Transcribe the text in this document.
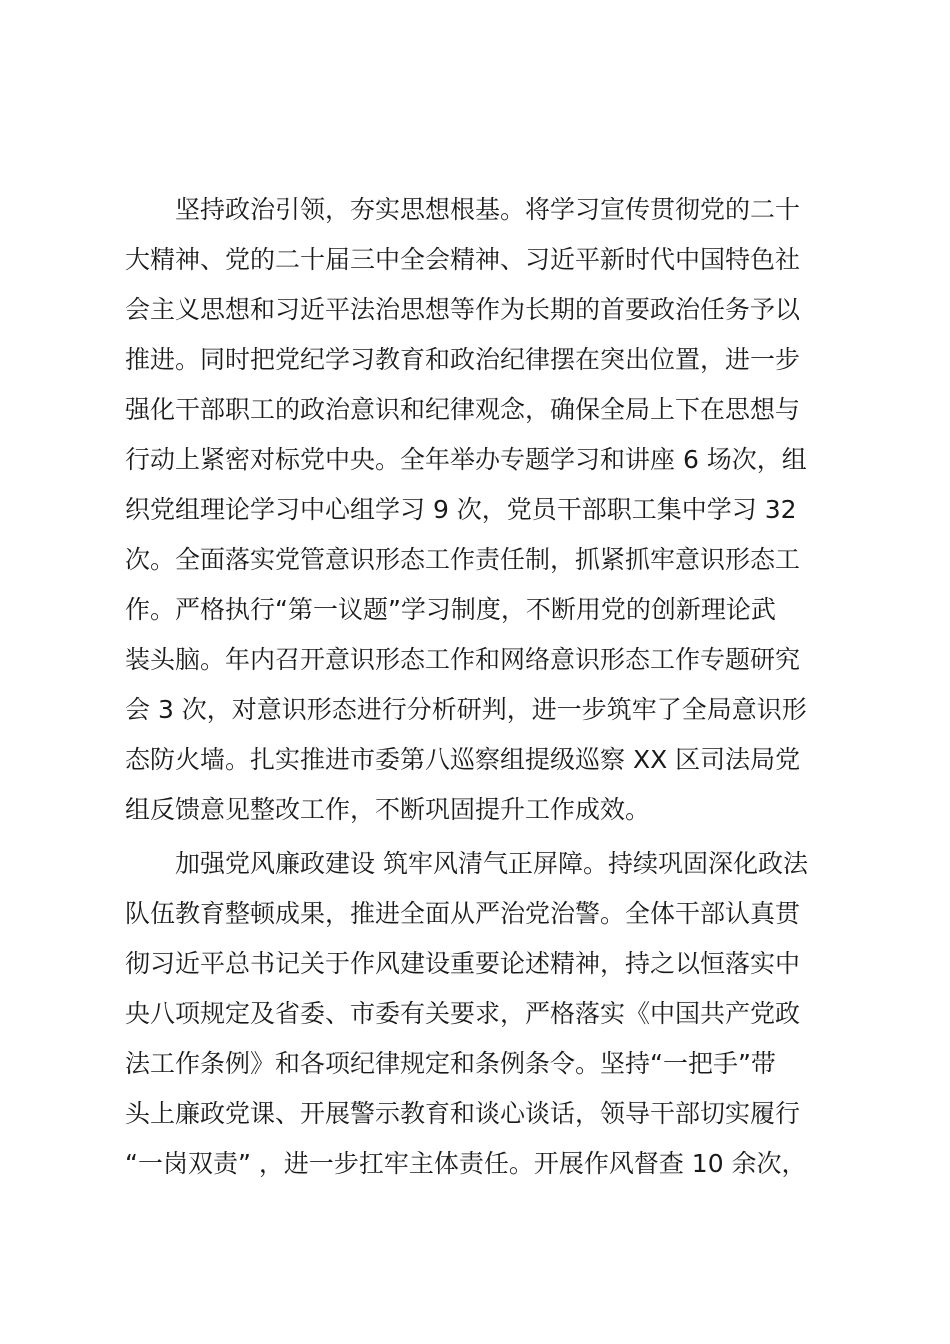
　　坚持政治引领，夯实思想根基。将学习宣传贯彻党的二十
大精神、党的二十届三中全会精神、习近平新时代中国特色社
会主义思想和习近平法治思想等作为长期的首要政治任务予以
推进。同时把党纪学习教育和政治纪律摆在突出位置，进一步
强化干部职工的政治意识和纪律观念，确保全局上下在思想与
行动上紧密对标党中央。全年举办专题学习和讲座 6 场次，组
织党组理论学习中心组学习 9 次，党员干部职工集中学习 32
次。全面落实党管意识形态工作责任制，抓紧抓牢意识形态工
作。严格执行“第一议题”学习制度，不断用党的创新理论武
装头脑。年内召开意识形态工作和网络意识形态工作专题研究
会 3 次，对意识形态进行分析研判，进一步筑牢了全局意识形
态防火墙。扎实推进市委第八巡察组提级巡察 XX 区司法局党
组反馈意见整改工作，不断巩固提升工作成效。
　　加强党风廉政建设 筑牢风清气正屏障。持续巩固深化政法
队伍教育整顿成果，推进全面从严治党治警。全体干部认真贯
彻习近平总书记关于作风建设重要论述精神，持之以恒落实中
央八项规定及省委、市委有关要求，严格落实《中国共产党政
法工作条例》和各项纪律规定和条例条令。坚持“一把手”带
头上廉政党课、开展警示教育和谈心谈话，领导干部切实履行
“一岗双责” ，进一步扛牢主体责任。开展作风督查 10 余次，
